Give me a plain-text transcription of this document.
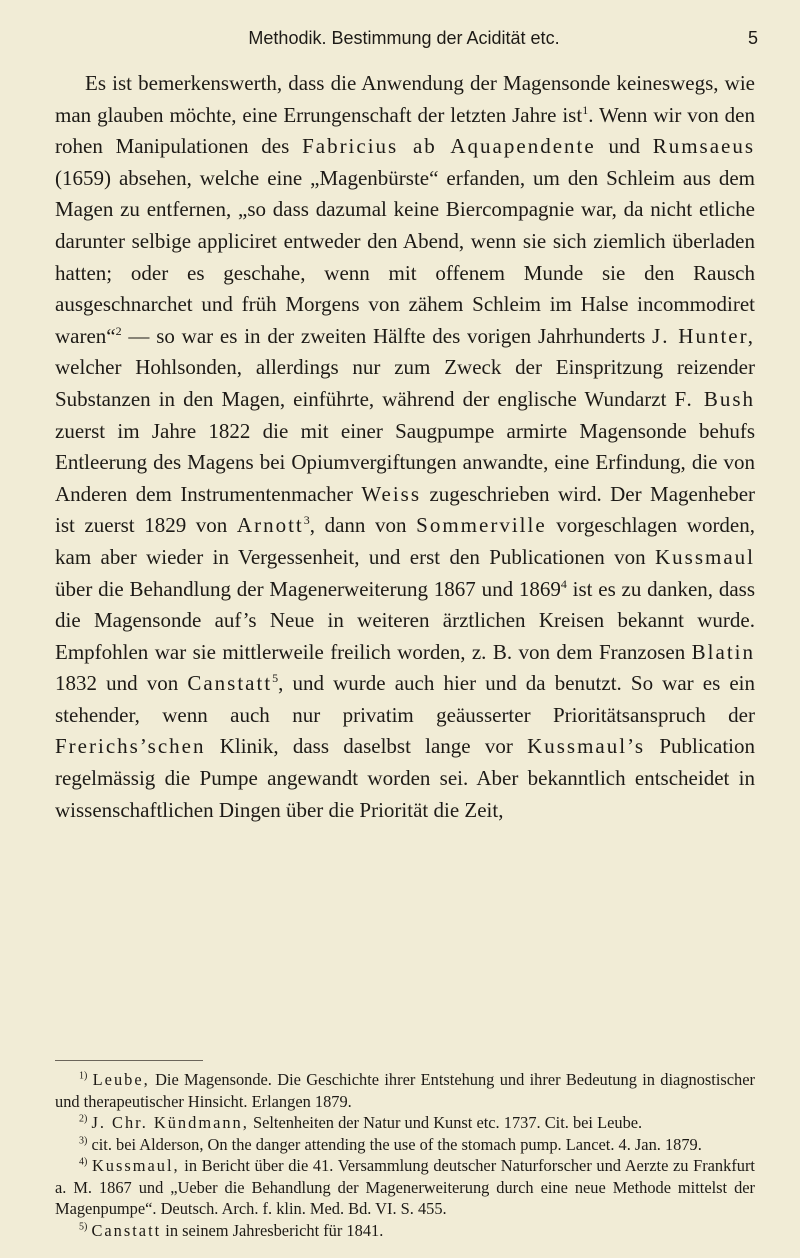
Methodik. Bestimmung der Acidität etc.	5

Es ist bemerkenswerth, dass die Anwendung der Magensonde keineswegs, wie man glauben möchte, eine Errungenschaft der letzten Jahre ist$^1$. Wenn wir von den rohen Manipulationen des Fabricius ab Aquapendente und Rumsaeus (1659) absehen, welche eine „Magenbürste“ erfanden, um den Schleim aus dem Magen zu entfernen, „so dass dazumal keine Biercompagnie war, da nicht etliche darunter selbige appliciret entweder den Abend, wenn sie sich ziemlich überladen hatten; oder es geschahe, wenn mit offenem Munde sie den Rausch ausgeschnarchet und früh Morgens von zähem Schleim im Halse incommodiret waren“$^2$ — so war es in der zweiten Hälfte des vorigen Jahrhunderts J. Hunter, welcher Hohlsonden, allerdings nur zum Zweck der Einspritzung reizender Substanzen in den Magen, einführte, während der englische Wundarzt F. Bush zuerst im Jahre 1822 die mit einer Saugpumpe armirte Magensonde behufs Entleerung des Magens bei Opiumvergiftungen anwandte, eine Erfindung, die von Anderen dem Instrumentenmacher Weiss zugeschrieben wird. Der Magenheber ist zuerst 1829 von Arnott$^3$, dann von Sommerville vorgeschlagen worden, kam aber wieder in Vergessenheit, und erst den Publicationen von Kussmaul über die Behandlung der Magenerweiterung 1867 und 1869$^4$ ist es zu danken, dass die Magensonde auf’s Neue in weiteren ärztlichen Kreisen bekannt wurde. Empfohlen war sie mittlerweile freilich worden, z. B. von dem Franzosen Blatin 1832 und von Canstatt$^5$, und wurde auch hier und da benutzt. So war es ein stehender, wenn auch nur privatim geäusserter Prioritätsanspruch der Frerichs’schen Klinik, dass daselbst lange vor Kussmaul’s Publication regelmässig die Pumpe angewandt worden sei. Aber bekanntlich entscheidet in wissenschaftlichen Dingen über die Priorität die Zeit,

$^{1)}$ Leube, Die Magensonde. Die Geschichte ihrer Entstehung und ihrer Bedeutung in diagnostischer und therapeutischer Hinsicht. Erlangen 1879.

$^{2)}$ J. Chr. Kündmann, Seltenheiten der Natur und Kunst etc. 1737. Cit. bei Leube.

$^{3)}$ cit. bei Alderson, On the danger attending the use of the stomach pump. Lancet. 4. Jan. 1879.

$^{4)}$ Kussmaul, in Bericht über die 41. Versammlung deutscher Naturforscher und Aerzte zu Frankfurt a. M. 1867 und „Ueber die Behandlung der Magenerweiterung durch eine neue Methode mittelst der Magenpumpe“. Deutsch. Arch. f. klin. Med. Bd. VI. S. 455.

$^{5)}$ Canstatt in seinem Jahresbericht für 1841.
